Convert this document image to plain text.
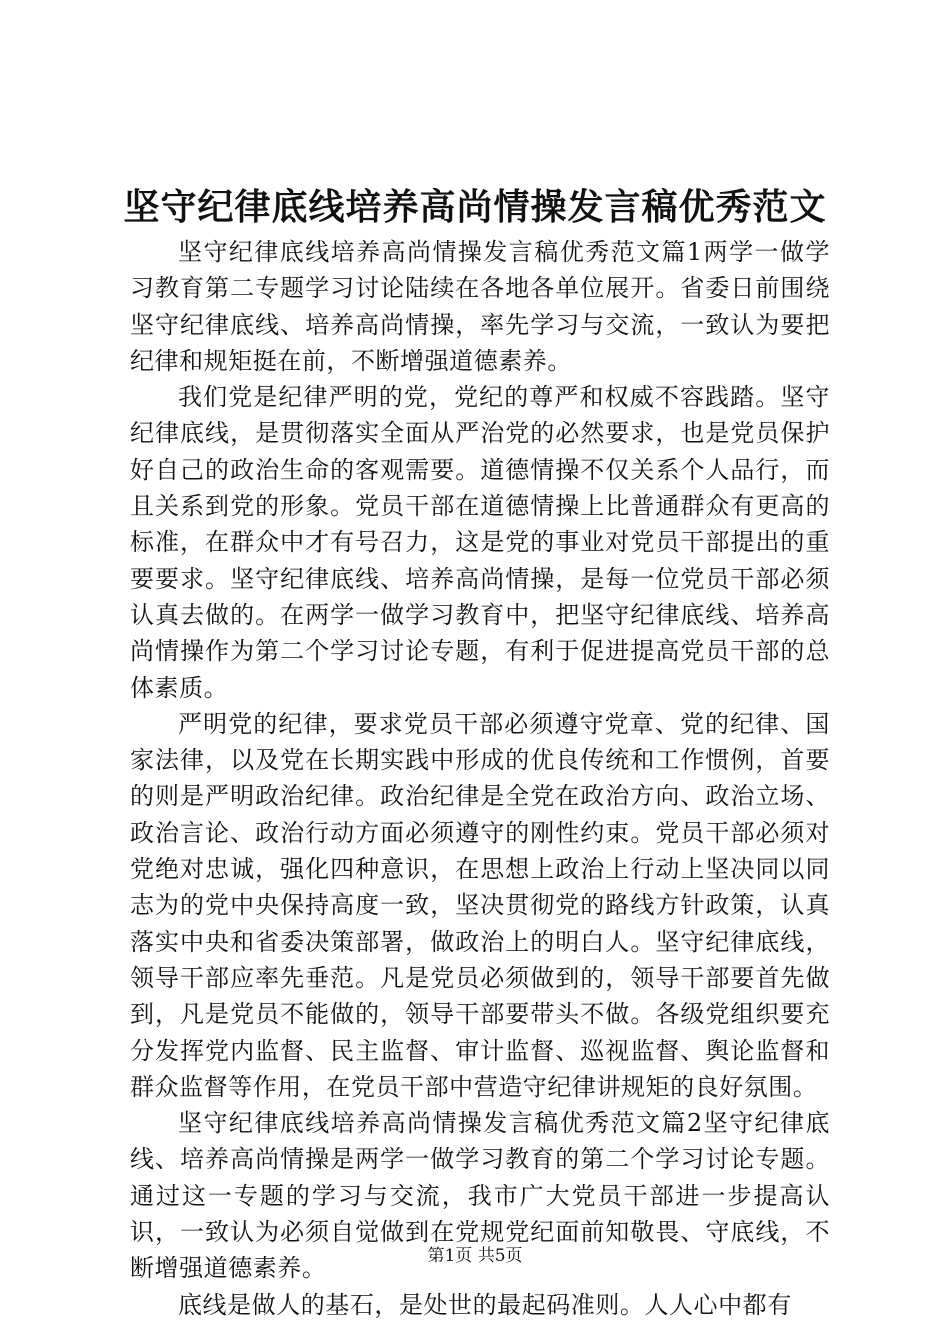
坚守纪律底线培养高尚情操发言稿优秀范文

坚守纪律底线培养高尚情操发言稿优秀范文篇1两学一做学习教育第二专题学习讨论陆续在各地各单位展开。省委日前围绕坚守纪律底线、培养高尚情操，率先学习与交流，一致认为要把纪律和规矩挺在前，不断增强道德素养。

我们党是纪律严明的党，党纪的尊严和权威不容践踏。坚守纪律底线，是贯彻落实全面从严治党的必然要求，也是党员保护好自己的政治生命的客观需要。道德情操不仅关系个人品行，而且关系到党的形象。党员干部在道德情操上比普通群众有更高的标准，在群众中才有号召力，这是党的事业对党员干部提出的重要要求。坚守纪律底线、培养高尚情操，是每一位党员干部必须认真去做的。在两学一做学习教育中，把坚守纪律底线、培养高尚情操作为第二个学习讨论专题，有利于促进提高党员干部的总体素质。

严明党的纪律，要求党员干部必须遵守党章、党的纪律、国家法律，以及党在长期实践中形成的优良传统和工作惯例，首要的则是严明政治纪律。政治纪律是全党在政治方向、政治立场、政治言论、政治行动方面必须遵守的刚性约束。党员干部必须对党绝对忠诚，强化四种意识，在思想上政治上行动上坚决同以同志为的党中央保持高度一致，坚决贯彻党的路线方针政策，认真落实中央和省委决策部署，做政治上的明白人。坚守纪律底线，领导干部应率先垂范。凡是党员必须做到的，领导干部要首先做到，凡是党员不能做的，领导干部要带头不做。各级党组织要充分发挥党内监督、民主监督、审计监督、巡视监督、舆论监督和群众监督等作用，在党员干部中营造守纪律讲规矩的良好氛围。

坚守纪律底线培养高尚情操发言稿优秀范文篇2坚守纪律底线、培养高尚情操是两学一做学习教育的第二个学习讨论专题。通过这一专题的学习与交流，我市广大党员干部进一步提高认识，一致认为必须自觉做到在党规党纪面前知敬畏、守底线，不断增强道德素养。

底线是做人的基石，是处世的最起码准则。人人心中都有

第1页 共5页
